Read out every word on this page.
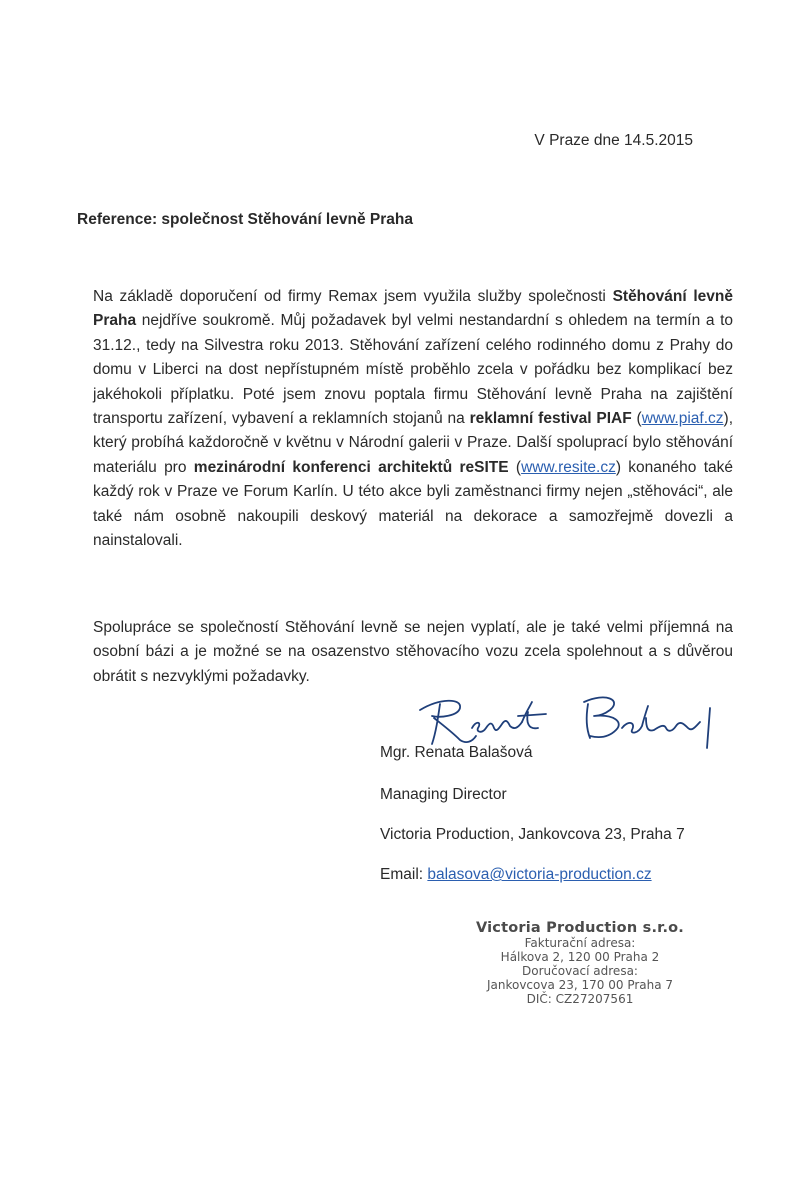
V Praze dne 14.5.2015
Reference: společnost Stěhování levně Praha

Na základě doporučení od firmy Remax jsem využila služby společnosti Stěhování levně Praha nejdříve soukromě. Můj požadavek byl velmi nestandardní s ohledem na termín a to 31.12., tedy na Silvestra roku 2013. Stěhování zařízení celého rodinného domu z Prahy do domu v Liberci na dost nepřístupném místě proběhlo zcela v pořádku bez komplikací bez jakéhokoli příplatku. Poté jsem znovu poptala firmu Stěhování levně Praha na zajištění transportu zařízení, vybavení a reklamních stojanů na reklamní festival PIAF (www.piaf.cz), který probíhá každoročně v květnu v Národní galerii v Praze. Další spoluprací bylo stěhování materiálu pro mezinárodní konferenci architektů reSITE (www.resite.cz) konaného také každý rok v Praze ve Forum Karlín. U této akce byli zaměstnanci firmy nejen „stěhováci“, ale také nám osobně nakoupili deskový materiál na dekorace a samozřejmě dovezli a nainstalovali.

Spolupráce se společností Stěhování levně se nejen vyplatí, ale je také velmi příjemná na osobní bázi a je možné se na osazenstvo stěhovacího vozu zcela spolehnout a s důvěrou obrátit s nezvyklými požadavky.

Mgr. Renata Balašová
Managing Director
Victoria Production, Jankovcova 23, Praha 7
Email: balasova@victoria-production.cz
Victoria Production s.r.o.
Fakturační adresa:
Hálkova 2, 120 00 Praha 2
Doručovací adresa:
Jankovcova 23, 170 00 Praha 7
DIČ: CZ27207561
